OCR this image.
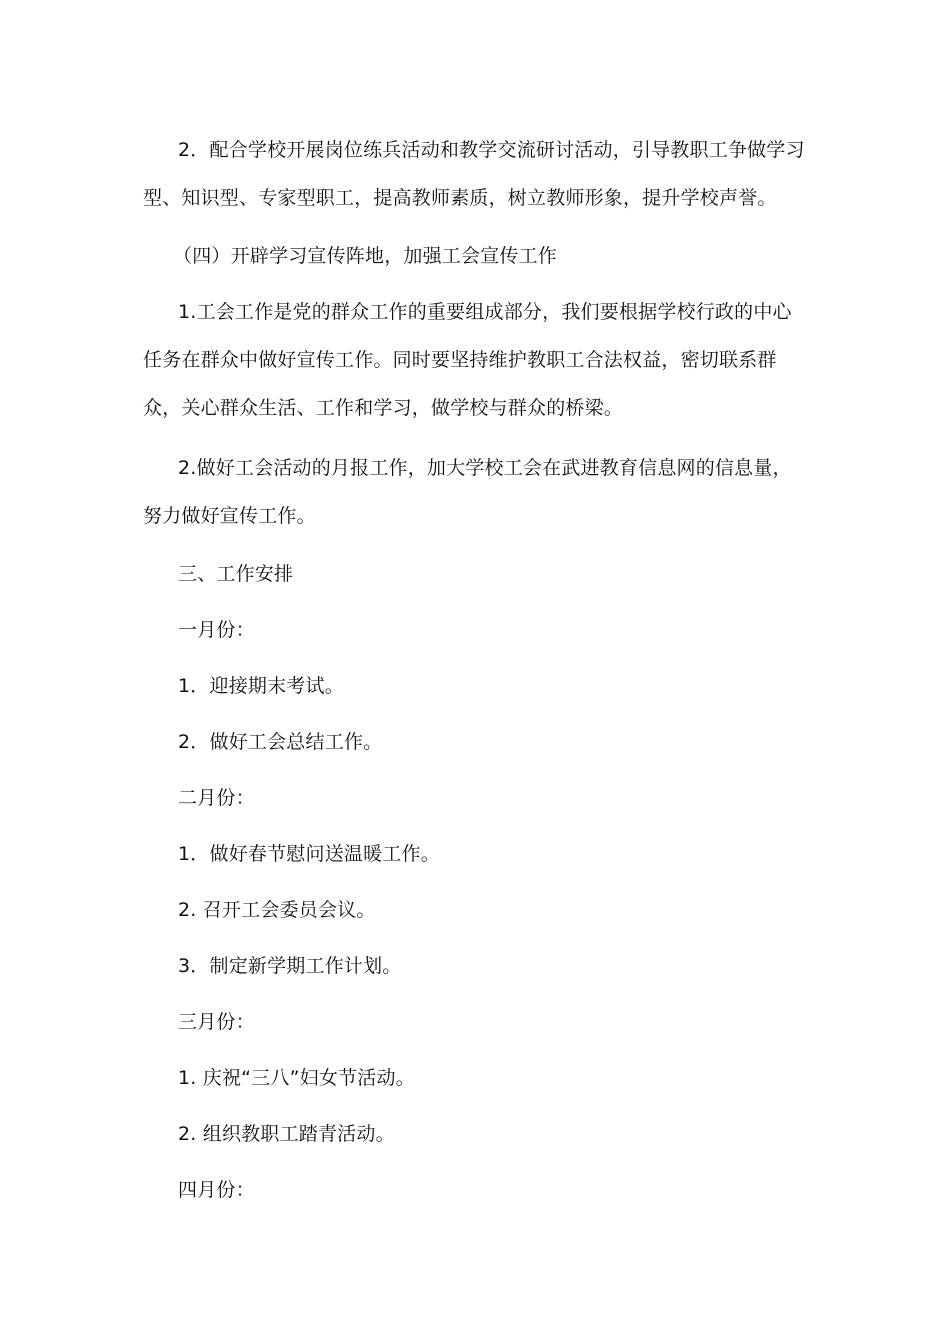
2．配合学校开展岗位练兵活动和教学交流研讨活动，引导教职工争做学习型、知识型、专家型职工，提高教师素质，树立教师形象，提升学校声誉。

（四）开辟学习宣传阵地，加强工会宣传工作

1.工会工作是党的群众工作的重要组成部分，我们要根据学校行政的中心任务在群众中做好宣传工作。同时要坚持维护教职工合法权益，密切联系群众，关心群众生活、工作和学习，做学校与群众的桥梁。

2.做好工会活动的月报工作，加大学校工会在武进教育信息网的信息量，努力做好宣传工作。

三、工作安排

一月份：

1．迎接期末考试。

2．做好工会总结工作。

二月份：

1．做好春节慰问送温暖工作。

2. 召开工会委员会议。

3．制定新学期工作计划。

三月份：

1. 庆祝“三八”妇女节活动。

2. 组织教职工踏青活动。

四月份：
